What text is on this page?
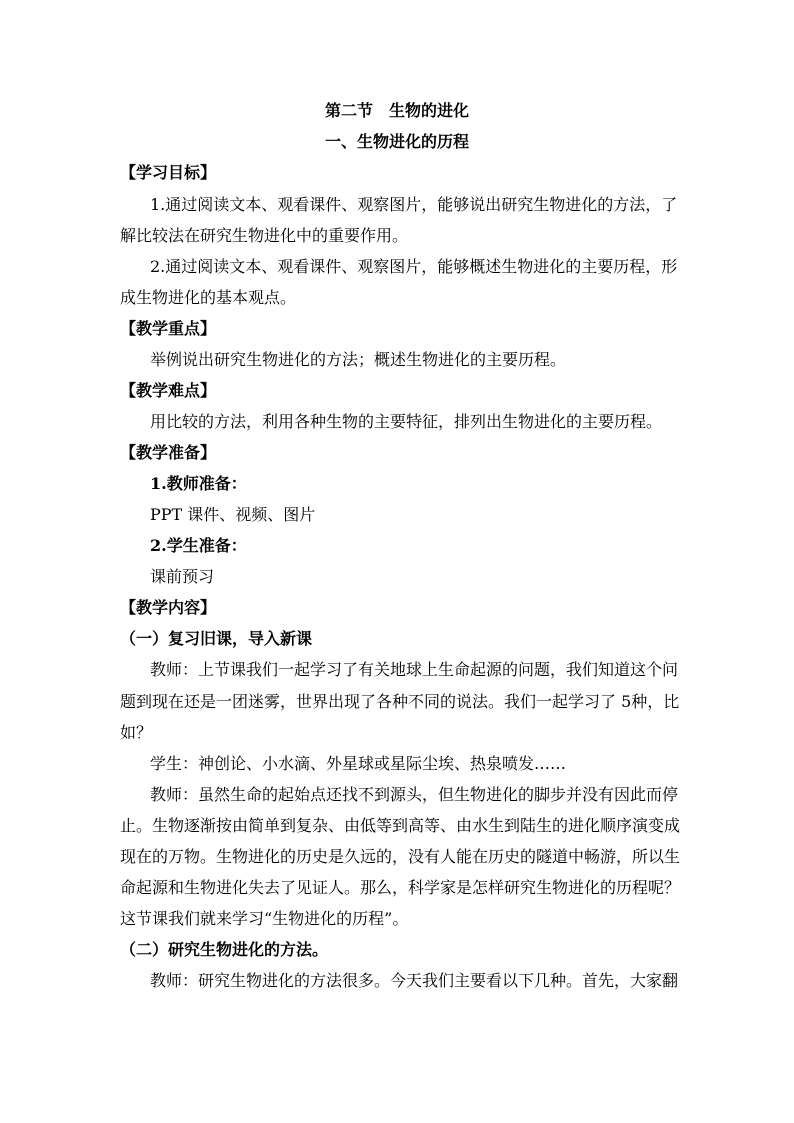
第二节　生物的进化
一、生物进化的历程
【学习目标】
1.通过阅读文本、观看课件、观察图片，能够说出研究生物进化的方法，了
解比较法在研究生物进化中的重要作用。
2.通过阅读文本、观看课件、观察图片，能够概述生物进化的主要历程，形
成生物进化的基本观点。
【教学重点】
举例说出研究生物进化的方法；概述生物进化的主要历程。
【教学难点】
用比较的方法，利用各种生物的主要特征，排列出生物进化的主要历程。
【教学准备】
1.教师准备：
PPT 课件、视频、图片
2.学生准备：
课前预习
【教学内容】
（一）复习旧课，导入新课
教师：上节课我们一起学习了有关地球上生命起源的问题，我们知道这个问
题到现在还是一团迷雾，世界出现了各种不同的说法。我们一起学习了 5种，比
如？
学生：神创论、小水滴、外星球或星际尘埃、热泉喷发……
教师：虽然生命的起始点还找不到源头，但生物进化的脚步并没有因此而停
止。生物逐渐按由简单到复杂、由低等到高等、由水生到陆生的进化顺序演变成
现在的万物。生物进化的历史是久远的，没有人能在历史的隧道中畅游，所以生
命起源和生物进化失去了见证人。那么，科学家是怎样研究生物进化的历程呢？
这节课我们就来学习“生物进化的历程”。
（二）研究生物进化的方法。
教师：研究生物进化的方法很多。今天我们主要看以下几种。首先，大家翻
